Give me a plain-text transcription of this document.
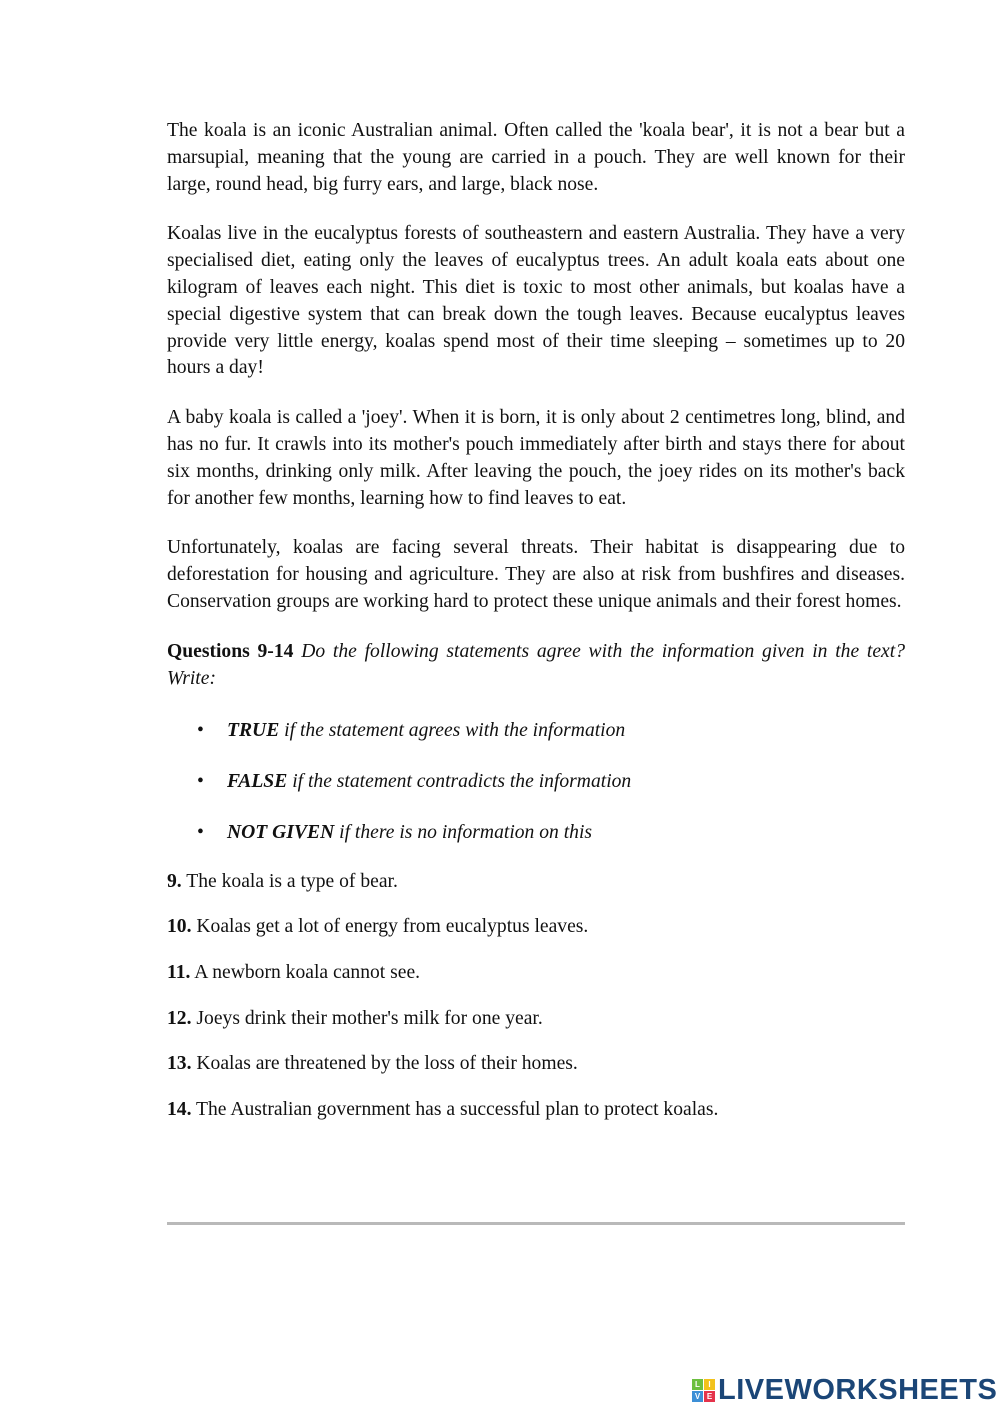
The koala is an iconic Australian animal. Often called the 'koala bear', it is not a bear but a marsupial, meaning that the young are carried in a pouch. They are well known for their large, round head, big furry ears, and large, black nose.

Koalas live in the eucalyptus forests of southeastern and eastern Australia. They have a very specialised diet, eating only the leaves of eucalyptus trees. An adult koala eats about one kilogram of leaves each night. This diet is toxic to most other animals, but koalas have a special digestive system that can break down the tough leaves. Because eucalyptus leaves provide very little energy, koalas spend most of their time sleeping – sometimes up to 20 hours a day!

A baby koala is called a 'joey'. When it is born, it is only about 2 centimetres long, blind, and has no fur. It crawls into its mother's pouch immediately after birth and stays there for about six months, drinking only milk. After leaving the pouch, the joey rides on its mother's back for another few months, learning how to find leaves to eat.

Unfortunately, koalas are facing several threats. Their habitat is disappearing due to deforestation for housing and agriculture. They are also at risk from bushfires and diseases. Conservation groups are working hard to protect these unique animals and their forest homes.

Questions 9-14 Do the following statements agree with the information given in the text? Write:

• TRUE if the statement agrees with the information
• FALSE if the statement contradicts the information
• NOT GIVEN if there is no information on this
9. The koala is a type of bear.
10. Koalas get a lot of energy from eucalyptus leaves.
11. A newborn koala cannot see.
12. Joeys drink their mother's milk for one year.
13. Koalas are threatened by the loss of their homes.
14. The Australian government has a successful plan to protect koalas.
L	I
V E LIVEWORKSHEETS
